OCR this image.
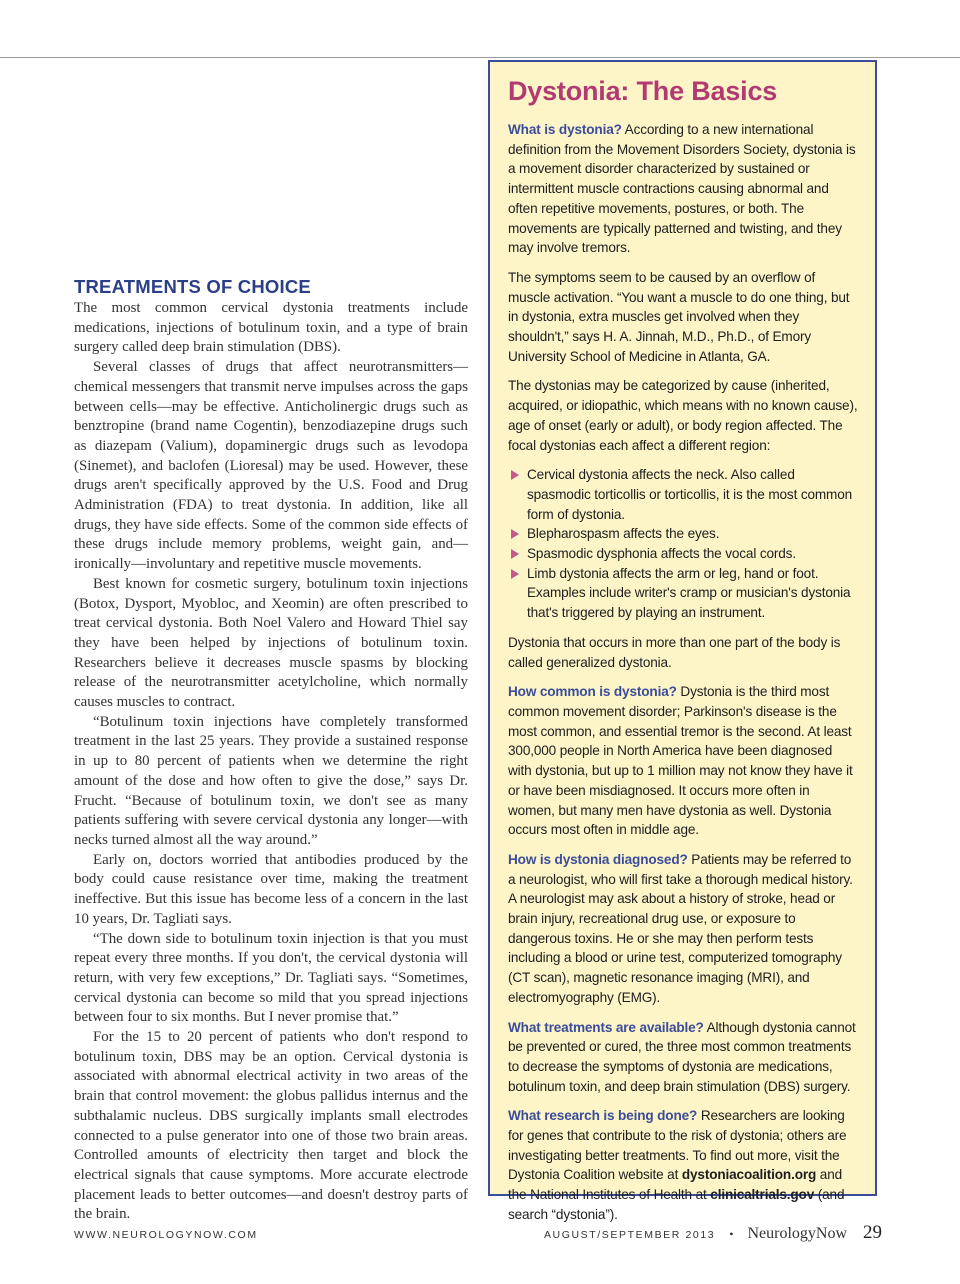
TREATMENTS OF CHOICE

The most common cervical dystonia treatments include medications, injections of botulinum toxin, and a type of brain surgery called deep brain stimulation (DBS).

Several classes of drugs that affect neurotransmitters—chemical messengers that transmit nerve impulses across the gaps between cells—may be effective. Anticholinergic drugs such as benztropine (brand name Cogentin), benzodiazepine drugs such as diazepam (Valium), dopaminergic drugs such as levodopa (Sinemet), and baclofen (Lioresal) may be used. However, these drugs aren't specifically approved by the U.S. Food and Drug Administration (FDA) to treat dystonia. In addition, like all drugs, they have side effects. Some of the common side effects of these drugs include memory problems, weight gain, and—ironically—involuntary and repetitive muscle movements.

Best known for cosmetic surgery, botulinum toxin injections (Botox, Dysport, Myobloc, and Xeomin) are often prescribed to treat cervical dystonia. Both Noel Valero and Howard Thiel say they have been helped by injections of botulinum toxin. Researchers believe it decreases muscle spasms by blocking release of the neurotransmitter acetylcholine, which normally causes muscles to contract.

“Botulinum toxin injections have completely transformed treatment in the last 25 years. They provide a sustained response in up to 80 percent of patients when we determine the right amount of the dose and how often to give the dose,” says Dr. Frucht. “Because of botulinum toxin, we don't see as many patients suffering with severe cervical dystonia any longer—with necks turned almost all the way around.”

Early on, doctors worried that antibodies produced by the body could cause resistance over time, making the treatment ineffective. But this issue has become less of a concern in the last 10 years, Dr. Tagliati says.

“The down side to botulinum toxin injection is that you must repeat every three months. If you don't, the cervical dystonia will return, with very few exceptions,” Dr. Tagliati says. “Sometimes, cervical dystonia can become so mild that you spread injections between four to six months. But I never promise that.”

For the 15 to 20 percent of patients who don't respond to botulinum toxin, DBS may be an option. Cervical dystonia is associated with abnormal electrical activity in two areas of the brain that control movement: the globus pallidus internus and the subthalamic nucleus. DBS surgically implants small electrodes connected to a pulse generator into one of those two brain areas. Controlled amounts of electricity then target and block the electrical signals that cause symptoms. More accurate electrode placement leads to better outcomes—and doesn't destroy parts of the brain.

Dystonia: The Basics

What is dystonia? According to a new international definition from the Movement Disorders Society, dystonia is a movement disorder characterized by sustained or intermittent muscle contractions causing abnormal and often repetitive movements, postures, or both. The movements are typically patterned and twisting, and they may involve tremors.

The symptoms seem to be caused by an overflow of muscle activation. “You want a muscle to do one thing, but in dystonia, extra muscles get involved when they shouldn't,” says H. A. Jinnah, M.D., Ph.D., of Emory University School of Medicine in Atlanta, GA.

The dystonias may be categorized by cause (inherited, acquired, or idiopathic, which means with no known cause), age of onset (early or adult), or body region affected. The focal dystonias each affect a different region:

Cervical dystonia affects the neck. Also called spasmodic torticollis or torticollis, it is the most common form of dystonia.
Blepharospasm affects the eyes.
Spasmodic dysphonia affects the vocal cords.
Limb dystonia affects the arm or leg, hand or foot. Examples include writer's cramp or musician's dystonia that's triggered by playing an instrument.

Dystonia that occurs in more than one part of the body is called generalized dystonia.

How common is dystonia? Dystonia is the third most common movement disorder; Parkinson's disease is the most common, and essential tremor is the second. At least 300,000 people in North America have been diagnosed with dystonia, but up to 1 million may not know they have it or have been misdiagnosed. It occurs more often in women, but many men have dystonia as well. Dystonia occurs most often in middle age.

How is dystonia diagnosed? Patients may be referred to a neurologist, who will first take a thorough medical history. A neurologist may ask about a history of stroke, head or brain injury, recreational drug use, or exposure to dangerous toxins. He or she may then perform tests including a blood or urine test, computerized tomography (CT scan), magnetic resonance imaging (MRI), and electromyography (EMG).

What treatments are available? Although dystonia cannot be prevented or cured, the three most common treatments to decrease the symptoms of dystonia are medications, botulinum toxin, and deep brain stimulation (DBS) surgery.

What research is being done? Researchers are looking for genes that contribute to the risk of dystonia; others are investigating better treatments. To find out more, visit the Dystonia Coalition website at dystoniacoalition.org and the National Institutes of Health at clinicaltrials.gov (and search “dystonia”).

WWW.NEUROLOGYNOW.COM	AUGUST/SEPTEMBER 2013 • NeurologyNow 29
